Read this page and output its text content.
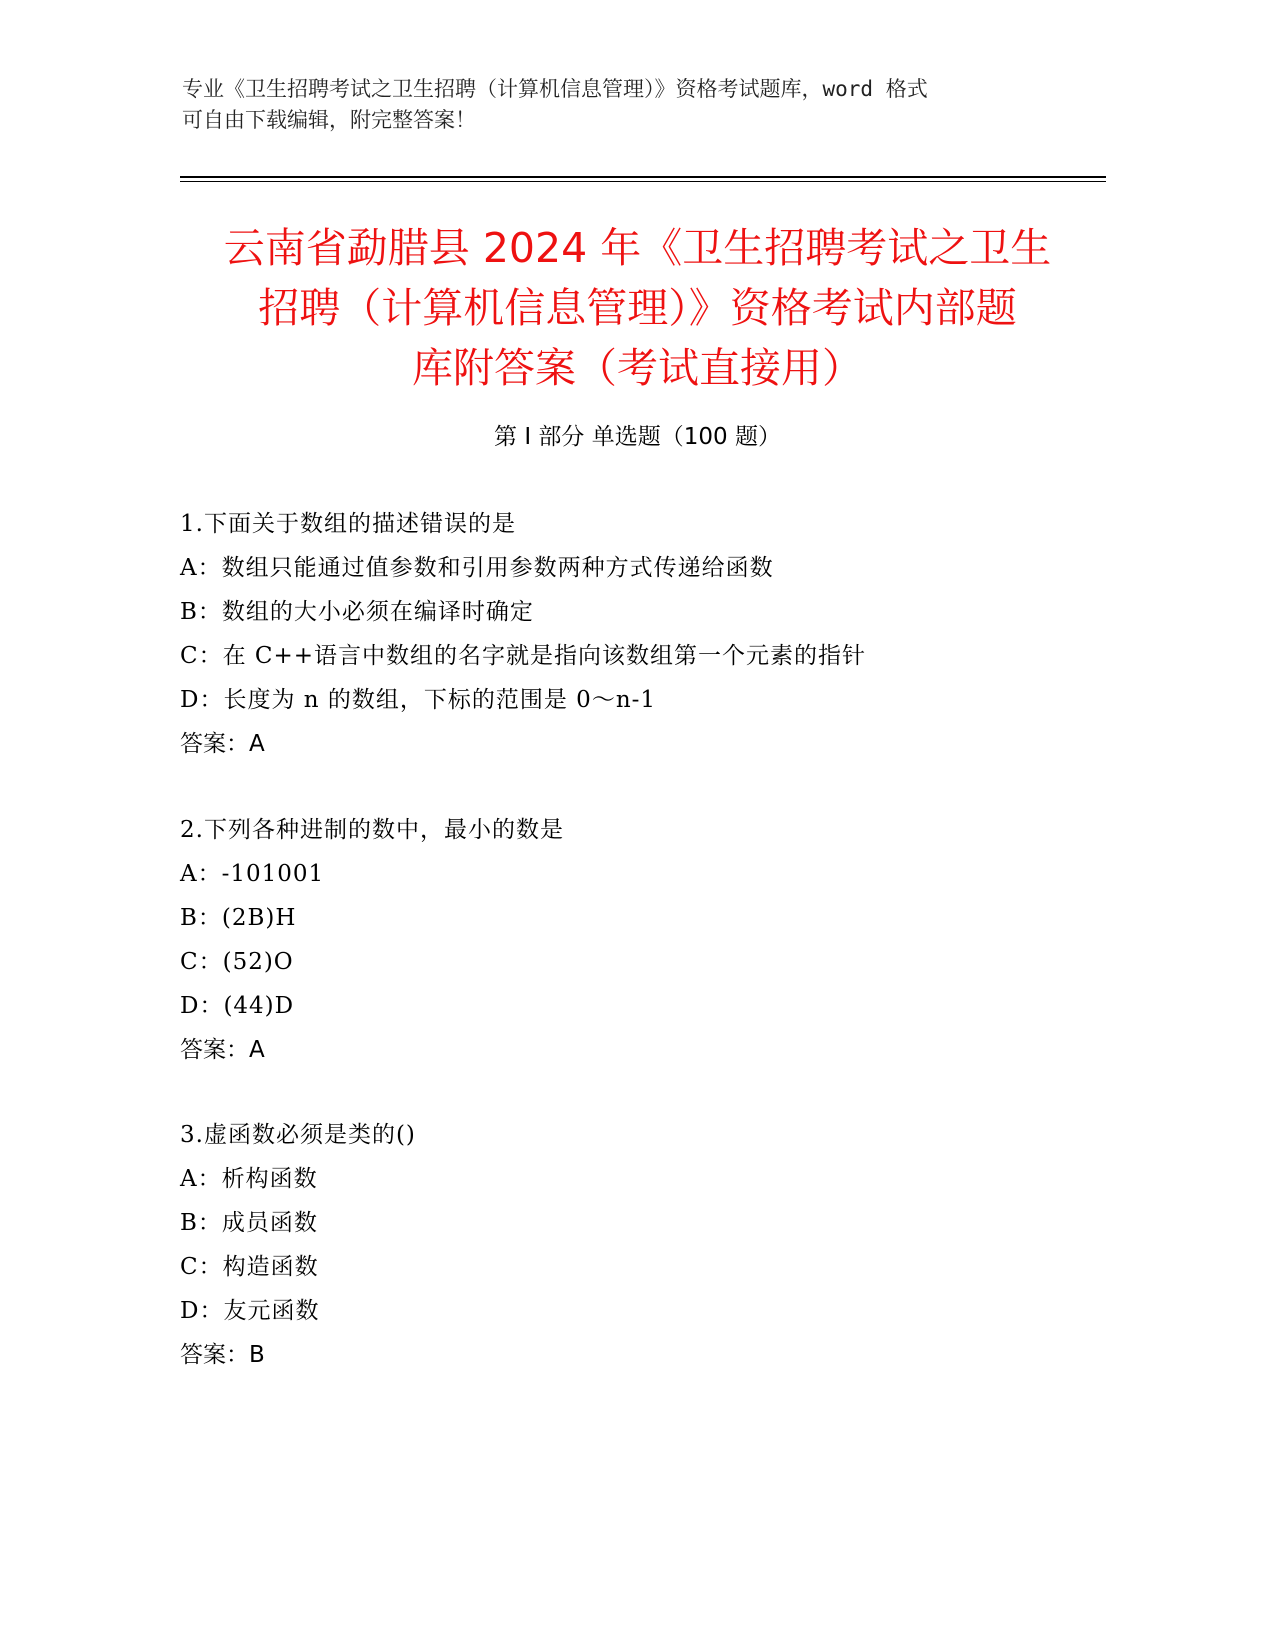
专业《卫生招聘考试之卫生招聘（计算机信息管理）》资格考试题库，word 格式
可自由下载编辑，附完整答案！
云南省勐腊县 2024 年《卫生招聘考试之卫生
招聘（计算机信息管理）》资格考试内部题
库附答案（考试直接用）
第 I 部分 单选题（100 题）
1.下面关于数组的描述错误的是
A：数组只能通过值参数和引用参数两种方式传递给函数
B：数组的大小必须在编译时确定
C：在 C++语言中数组的名字就是指向该数组第一个元素的指针
D：长度为 n 的数组，下标的范围是 0～n-1
答案：A
2.下列各种进制的数中，最小的数是
A：-101001
B：(2B)H
C：(52)O
D：(44)D
答案：A
3.虚函数必须是类的()
A：析构函数
B：成员函数
C：构造函数
D：友元函数
答案：B
